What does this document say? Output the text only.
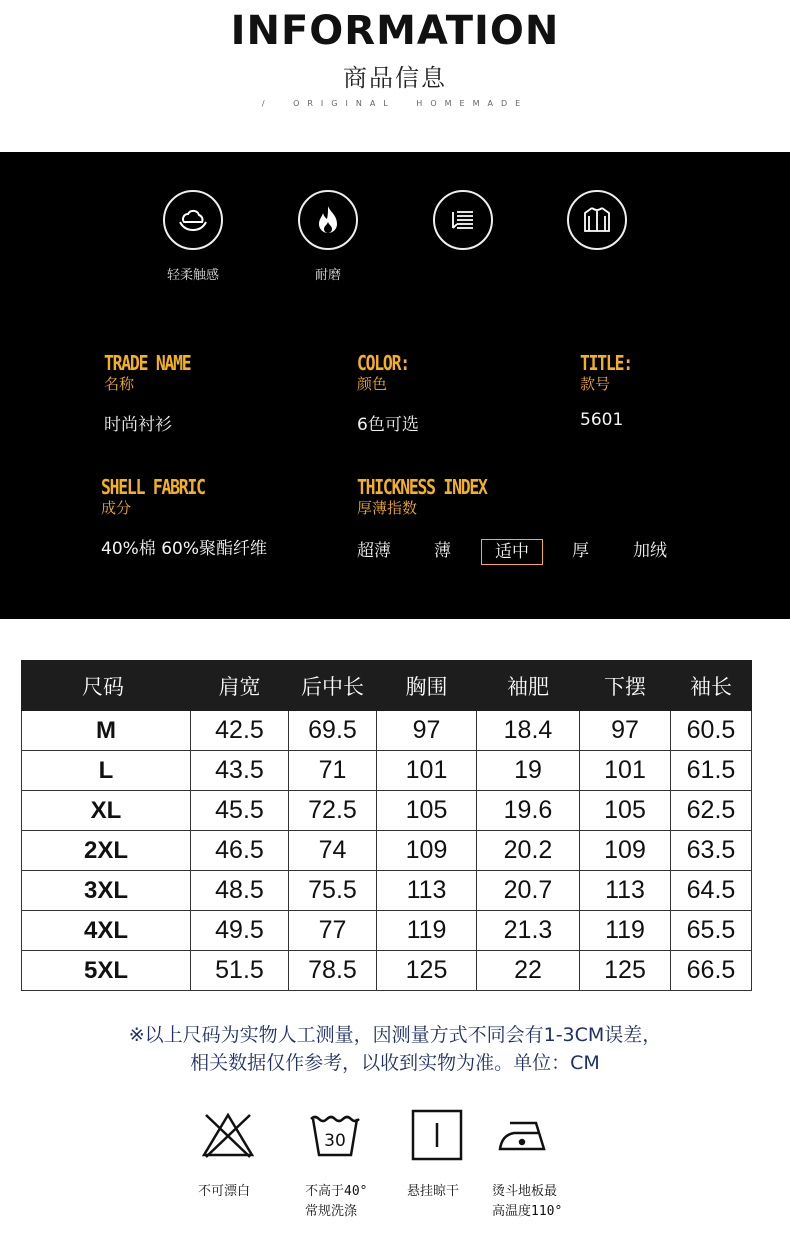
INFORMATION
商品信息
/ ORIGINAL HOMEMADE
轻柔触感	耐磨
TRADE NAME
名称
时尚衬衫
COLOR:
颜色
6色可选
TITLE:
款号
5601
SHELL FABRIC
成分
40%棉 60%聚酯纤维
THICKNESS INDEX
厚薄指数
超薄	薄	适中	厚	加绒
尺码	肩宽	后中长	胸围	袖肥	下摆	袖长
M	42.5	69.5	97	18.4	97	60.5
L	43.5	71	101	19	101	61.5
XL	45.5	72.5	105	19.6	105	62.5
2XL	46.5	74	109	20.2	109	63.5
3XL	48.5	75.5	113	20.7	113	64.5
4XL	49.5	77	119	21.3	119	65.5
5XL	51.5	78.5	125	22	125	66.5
※以上尺码为实物人工测量，因测量方式不同会有1-3CM误差，
相关数据仅作参考，以收到实物为准。单位：CM
不可漂白
30
不高于40°
常规洗涤
悬挂晾干	烫斗地板最
高温度110°
